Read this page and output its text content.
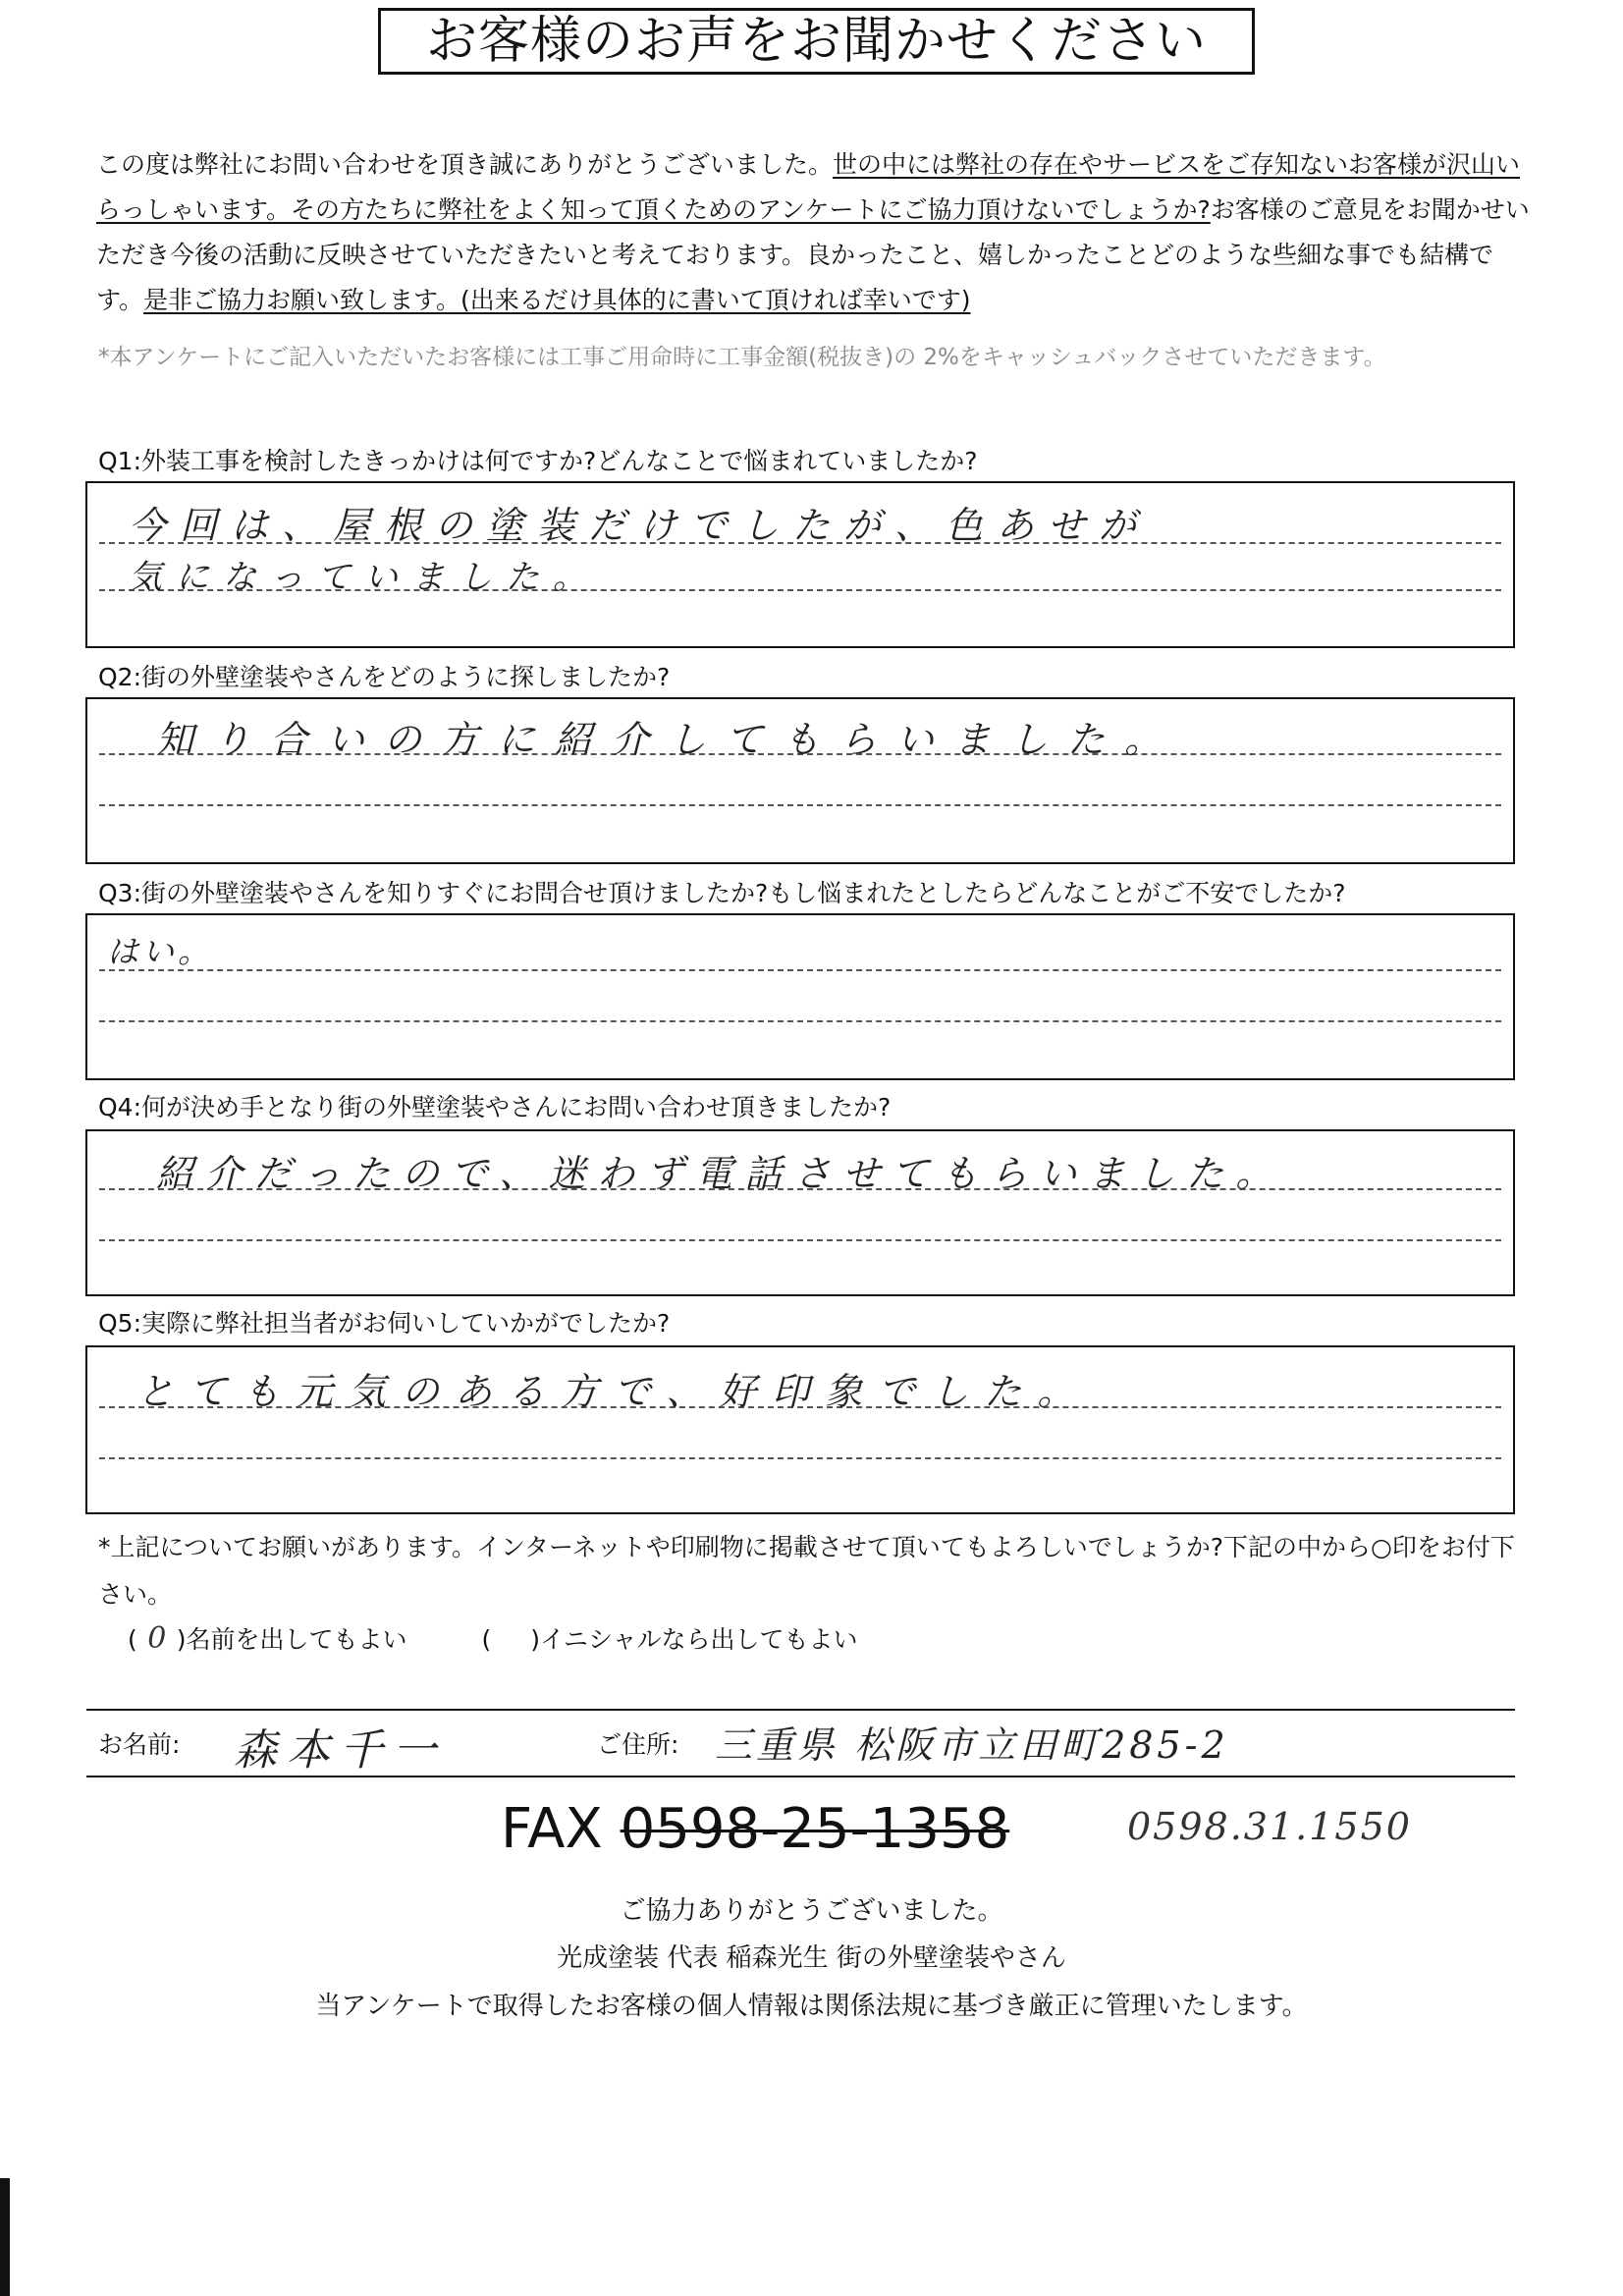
お客様のお声をお聞かせください

この度は弊社にお問い合わせを頂き誠にありがとうございました。世の中には弊社の存在やサービスをご存知ないお客様が沢山いらっしゃいます。その方たちに弊社をよく知って頂くためのアンケートにご協力頂けないでしょうか?お客様のご意見をお聞かせいただき今後の活動に反映させていただきたいと考えております。良かったこと、嬉しかったことどのような些細な事でも結構です。是非ご協力お願い致します。(出来るだけ具体的に書いて頂ければ幸いです)

*本アンケートにご記入いただいたお客様には工事ご用命時に工事金額(税抜き)の 2%をキャッシュバックさせていただきます。
Q1:外装工事を検討したきっかけは何ですか?どんなことで悩まれていましたか?
今回は、屋根の塗装だけでしたが、色あせが
気になっていました。
Q2:街の外壁塗装やさんをどのように探しましたか?
知り合いの方に紹介してもらいました。
Q3:街の外壁塗装やさんを知りすぐにお問合せ頂けましたか?もし悩まれたとしたらどんなことがご不安でしたか?
はい。
Q4:何が決め手となり街の外壁塗装やさんにお問い合わせ頂きましたか?
紹介だったので、迷わず電話させてもらいました。
Q5:実際に弊社担当者がお伺いしていかがでしたか?
とても元気のある方で、好印象でした。

*上記についてお願いがあります。インターネットや印刷物に掲載させて頂いてもよろしいでしょうか?下記の中から○印をお付下さい。

( 0 )名前を出してもよい	( )イニシャルなら出してもよい
お名前: 森本千一	ご住所: 三重県 松阪市立田町285-2
FAX 0598-25-1358	0598.31.1550
ご協力ありがとうございました。
光成塗装 代表 稲森光生 街の外壁塗装やさん
当アンケートで取得したお客様の個人情報は関係法規に基づき厳正に管理いたします。
